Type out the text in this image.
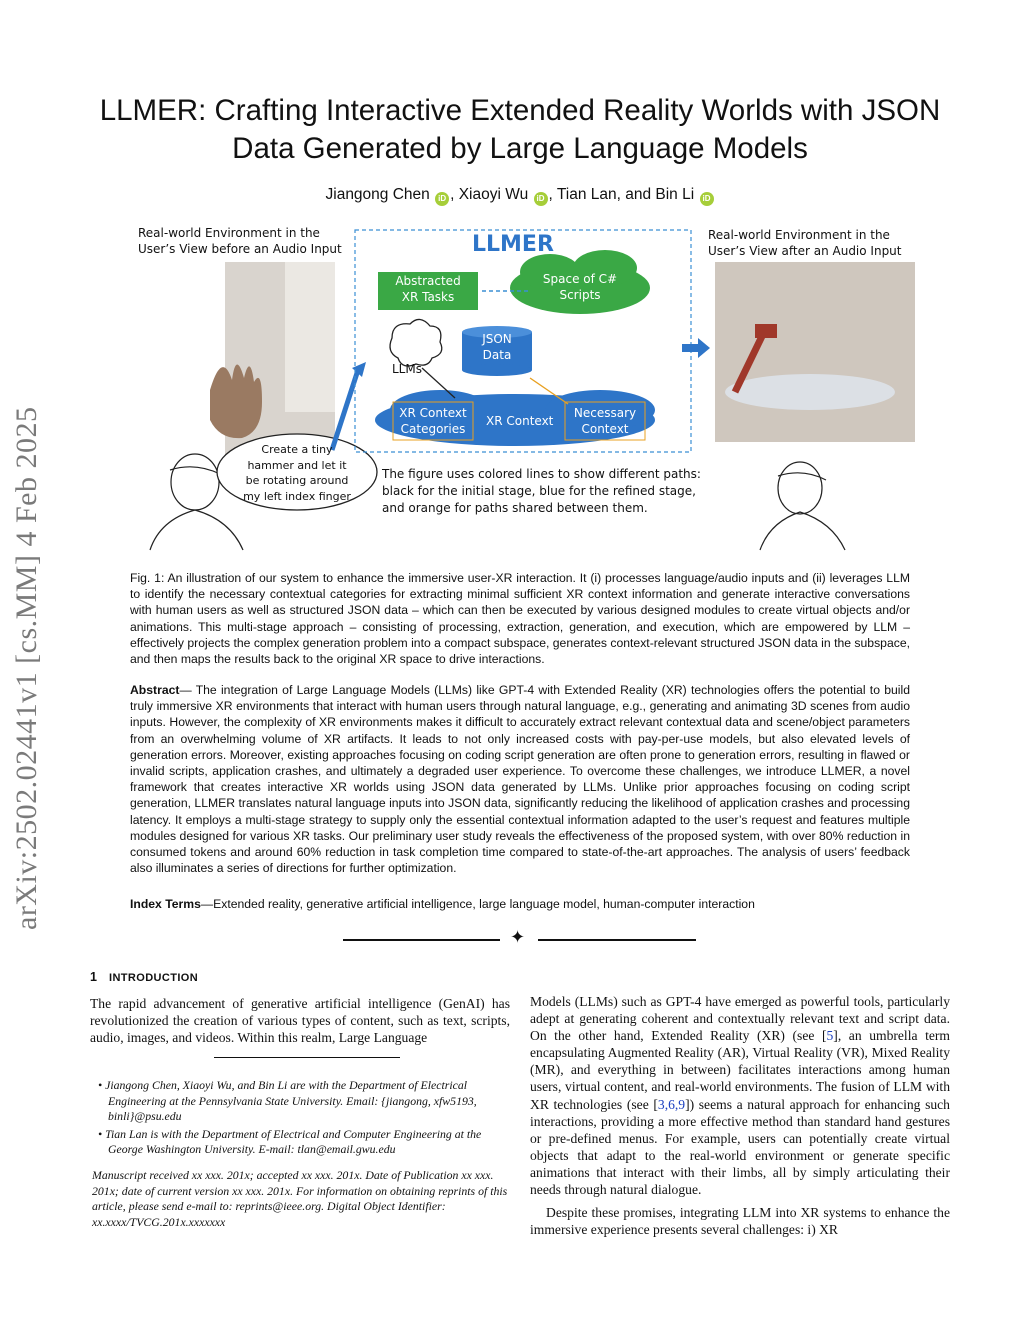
arXiv:2502.02441v1 [cs.MM] 4 Feb 2025
LLMER: Crafting Interactive Extended Reality Worlds with JSON
Data Generated by Large Language Models
Jiangong Chen iD , Xiaoyi Wu iD , Tian Lan, and Bin Li iD
Real-world Environment in the
User’s View before an Audio Input
Real-world Environment in the
User’s View after an Audio Input
LLMER
Abstracted
XR Tasks
Space of C#
Scripts
JSON
Data
LLMs
XR Context
Categories
XR Context
Necessary
Context
Create a tiny
hammer and let it
be rotating around
my left index finger
The figure uses colored lines to show different paths:
black for the initial stage, blue for the refined stage,
and orange for paths shared between them.
Fig. 1: An illustration of our system to enhance the immersive user-XR interaction. It (i) processes language/audio inputs and (ii) leverages LLM to identify the necessary contextual categories for extracting minimal sufficient XR context information and generate interactive conversations with human users as well as structured JSON data – which can then be executed by various designed modules to create virtual objects and/or animations. This multi-stage approach – consisting of processing, extraction, generation, and execution, which are empowered by LLM – effectively projects the complex generation problem into a compact subspace, generates context-relevant structured JSON data in the subspace, and then maps the results back to the original XR space to drive interactions.
Abstract— The integration of Large Language Models (LLMs) like GPT-4 with Extended Reality (XR) technologies offers the potential to build truly immersive XR environments that interact with human users through natural language, e.g., generating and animating 3D scenes from audio inputs. However, the complexity of XR environments makes it difficult to accurately extract relevant contextual data and scene/object parameters from an overwhelming volume of XR artifacts. It leads to not only increased costs with pay-per-use models, but also elevated levels of generation errors. Moreover, existing approaches focusing on coding script generation are often prone to generation errors, resulting in flawed or invalid scripts, application crashes, and ultimately a degraded user experience. To overcome these challenges, we introduce LLMER, a novel framework that creates interactive XR worlds using JSON data generated by LLMs. Unlike prior approaches focusing on coding script generation, LLMER translates natural language inputs into JSON data, significantly reducing the likelihood of application crashes and processing latency. It employs a multi-stage strategy to supply only the essential contextual information adapted to the user’s request and features multiple modules designed for various XR tasks. Our preliminary user study reveals the effectiveness of the proposed system, with over 80% reduction in consumed tokens and around 60% reduction in task completion time compared to state-of-the-art approaches. The analysis of users’ feedback also illuminates a series of directions for further optimization.
Index Terms—Extended reality, generative artificial intelligence, large language model, human-computer interaction
✦
1 INTRODUCTION
The rapid advancement of generative artificial intelligence (GenAI) has revolutionized the creation of various types of content, such as text, scripts, audio, images, and videos. Within this realm, Large Language
• Jiangong Chen, Xiaoyi Wu, and Bin Li are with the Department of Electrical Engineering at the Pennsylvania State University. Email: {jiangong, xfw5193, binli}@psu.edu
• Tian Lan is with the Department of Electrical and Computer Engineering at the George Washington University. E-mail: tlan@email.gwu.edu
Manuscript received xx xxx. 201x; accepted xx xxx. 201x. Date of Publication xx xxx. 201x; date of current version xx xxx. 201x. For information on obtaining reprints of this article, please send e-mail to: reprints@ieee.org. Digital Object Identifier: xx.xxxx/TVCG.201x.xxxxxxx
Models (LLMs) such as GPT-4 have emerged as powerful tools, particularly adept at generating coherent and contextually relevant text and script data. On the other hand, Extended Reality (XR) (see [5], an umbrella term encapsulating Augmented Reality (AR), Virtual Reality (VR), Mixed Reality (MR), and everything in between) facilitates interactions among human users, virtual content, and real-world environments. The fusion of LLM with XR technologies (see [3,6,9]) seems a natural approach for enhancing such interactions, providing a more effective method than standard hand gestures or pre-defined menus. For example, users can potentially create virtual objects that adapt to the real-world environment or generate specific animations that interact with their limbs, all by simply articulating their needs through natural dialogue.
Despite these promises, integrating LLM into XR systems to enhance the immersive experience presents several challenges: i) XR
